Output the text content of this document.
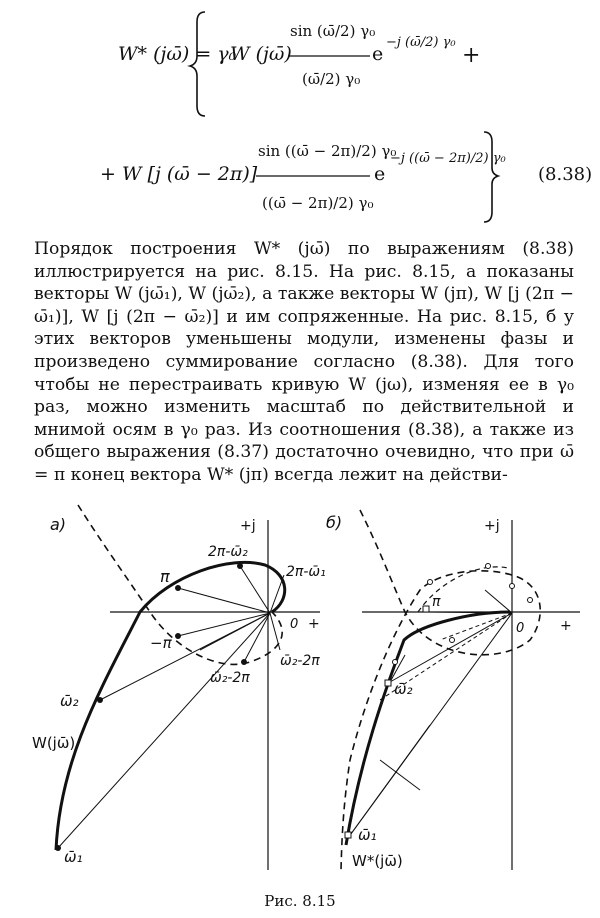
W* (jω̄) = γ₀
W (jω̄)
sin (ω̄/2) γ₀
(ω̄/2) γ₀
e
−j (ω̄/2) γ₀
+
+ W [j (ω̄ − 2π)]
sin ((ω̄ − 2π)/2) γ₀
((ω̄ − 2π)/2) γ₀
e
−j ((ω̄ − 2π)/2) γ₀
(8.38)

Порядок построения W* (jω̄) по выражениям (8.38) иллюстрируется на рис. 8.15. На рис. 8.15, а показаны векторы W (jω̄₁), W (jω̄₂), а также векторы W (jπ), W [j (2π − ω̄₁)], W [j (2π − ω̄₂)] и им сопряженные. На рис. 8.15, б у этих векторов уменьшены модули, изменены фазы и произведено суммирование согласно (8.38). Для того чтобы не перестраивать кривую W (jω), изменяя ее в γ₀ раз, можно изменить масштаб по действительной и мнимой осям в γ₀ раз. Из соотношения (8.38), а также из общего выражения (8.37) достаточно очевидно, что при ω̄ = π конец вектора W* (jπ) всегда лежит на действи-

а)	+j
+
0
π
−π
2π-ω̄₂
2π-ω̄₁
ω̄₂-2π
ω̄₂-2π
ω̄₂
ω̄₁
W(jω̄)
б)	+j
+
0
π
ω̄₂
ω̄₁
W*(jω̄)
Рис. 8.15
